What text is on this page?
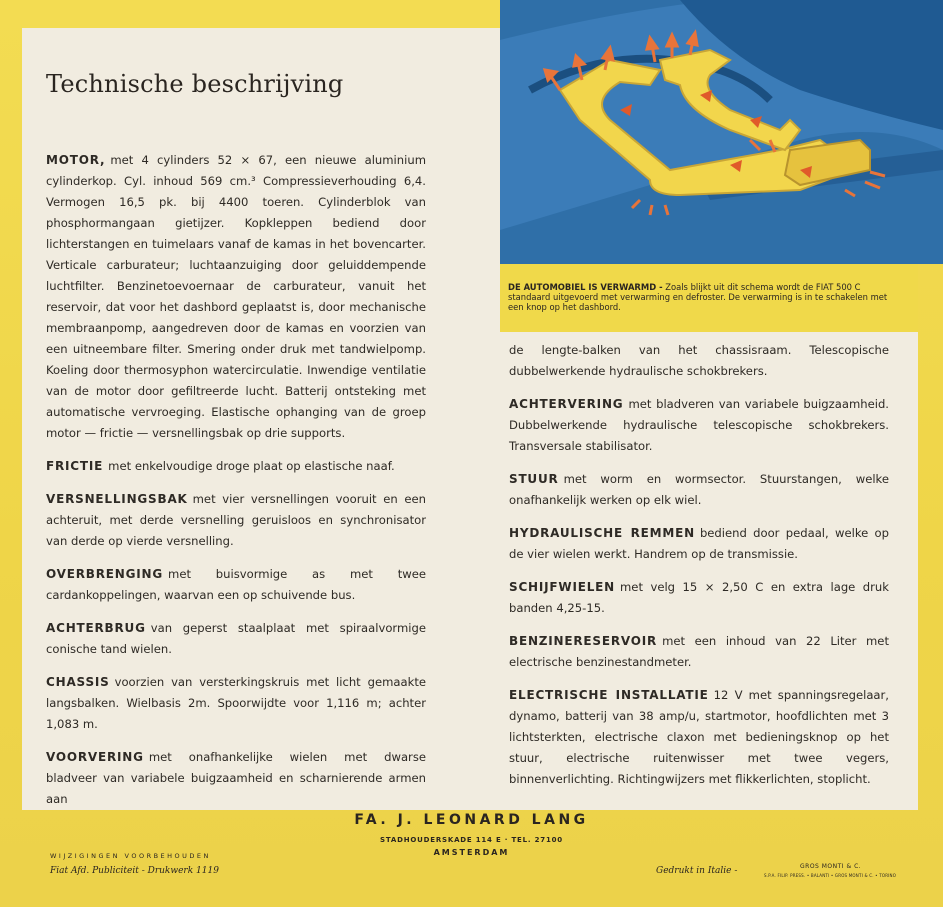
DE AUTOMOBIEL IS VERWARMD - Zoals blijkt uit dit schema wordt de FIAT 500 C standaard uitgevoerd met verwarming en defroster. De verwarming is in te schakelen met een knop op het dashbord.
Technische beschrijving

MOTOR, met 4 cylinders 52 × 67, een nieuwe aluminium cylinderkop. Cyl. inhoud 569 cm.³ Compressieverhouding 6,4. Vermogen 16,5 pk. bij 4400 toeren. Cylinderblok van phosphormangaan gietijzer. Kopkleppen bediend door lichterstangen en tuimelaars vanaf de kamas in het bovencarter. Verticale carburateur; luchtaanzuiging door geluiddempende luchtfilter. Benzinetoevoernaar de carburateur, vanuit het reservoir, dat voor het dashbord geplaatst is, door mechanische membraanpomp, aangedreven door de kamas en voorzien van een uitneembare filter. Smering onder druk met tandwielpomp. Koeling door thermosyphon watercirculatie. Inwendige ventilatie van de motor door gefiltreerde lucht. Batterij ontsteking met automatische vervroeging. Elastische ophanging van de groep motor — frictie — versnellingsbak op drie supports.

FRICTIE met enkelvoudige droge plaat op elastische naaf.

VERSNELLINGSBAK met vier versnellingen vooruit en een achteruit, met derde versnelling geruisloos en synchronisator van derde op vierde versnelling.

OVERBRENGING met buisvormige as met twee cardankoppelingen, waarvan een op schuivende bus.

ACHTERBRUG van geperst staalplaat met spiraalvormige conische tand wielen.

CHASSIS voorzien van versterkingskruis met licht gemaakte langsbalken. Wielbasis 2m. Spoorwijdte voor 1,116 m; achter 1,083 m.

VOORVERING met onafhankelijke wielen met dwarse bladveer van variabele buigzaamheid en scharnierende armen aan

de lengte-balken van het chassisraam. Telescopische dubbelwerkende hydraulische schokbrekers.

ACHTERVERING met bladveren van variabele buigzaamheid. Dubbelwerkende hydraulische telescopische schokbrekers. Transversale stabilisator.

STUUR met worm en wormsector. Stuurstangen, welke onafhankelijk werken op elk wiel.

HYDRAULISCHE REMMEN bediend door pedaal, welke op de vier wielen werkt. Handrem op de transmissie.

SCHIJFWIELEN met velg 15 × 2,50 C en extra lage druk banden 4,25-15.

BENZINERESERVOIR met een inhoud van 22 Liter met electrische benzinestandmeter.

ELECTRISCHE INSTALLATIE 12 V met spanningsregelaar, dynamo, batterij van 38 amp/u, startmotor, hoofdlichten met 3 lichtsterkten, electrische claxon met bedieningsknop op het stuur, electrische ruitenwisser met twee vegers, binnenverlichting. Richtingwijzers met flikkerlichten, stoplicht.

FA. J. LEONARD LANG
STADHOUDERSKADE 114 E · TEL. 27100
AMSTERDAM
WIJZIGINGEN VOORBEHOUDEN
Fiat Afd. Publiciteit - Drukwerk 1119	Gedrukt in Italie -	GROS MONTI & C.
S.P.A. FILIP. PRESS. • BALANTI • GROS MONTI & C. • TORINO
